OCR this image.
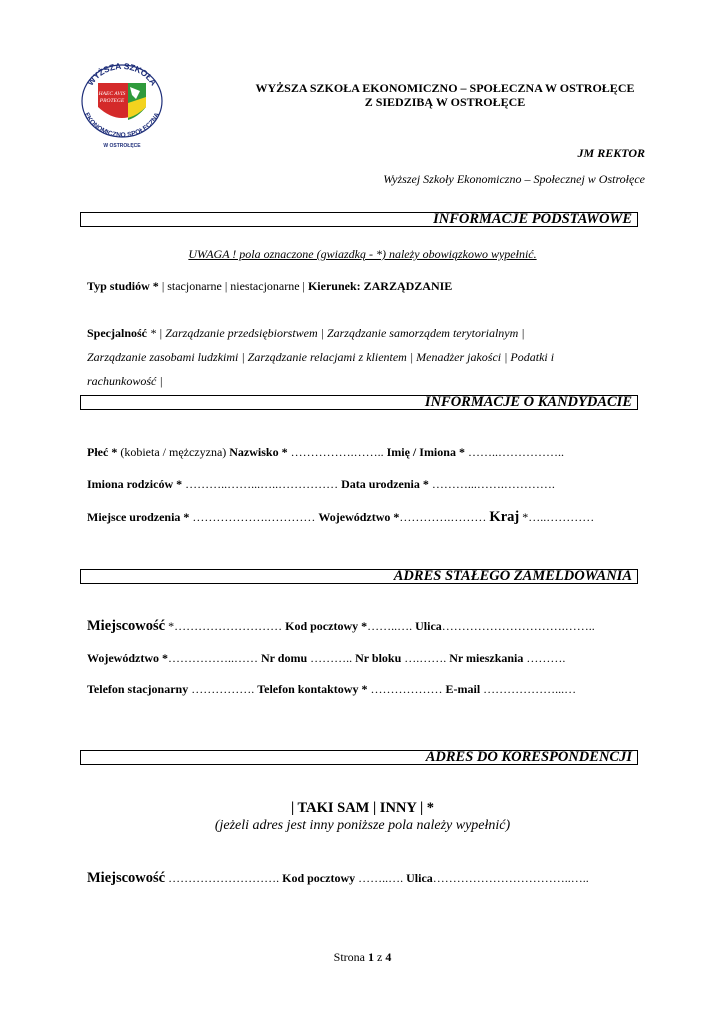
WYŻSZA SZKOŁA
EKONOMICZNO SPOŁECZNA
HAEC AVIS
PROTEGE
W OSTROŁĘCE
WYŻSZA SZKOŁA EKONOMICZNO – SPOŁECZNA W OSTROŁĘCE
Z SIEDZIBĄ W OSTROŁĘCE
JM REKTOR
Wyższej Szkoły Ekonomiczno – Społecznej w Ostrołęce
INFORMACJE PODSTAWOWE
UWAGA ! pola oznaczone (gwiazdką - *) należy obowiązkowo wypełnić.
Typ studiów * | stacjonarne | niestacjonarne | Kierunek: ZARZĄDZANIE
Specjalność * | Zarządzanie przedsiębiorstwem | Zarządzanie samorządem terytorialnym |
Zarządzanie zasobami ludzkimi | Zarządzanie relacjami z klientem | Menadżer jakości | Podatki i
rachunkowość |
INFORMACJE O KANDYDACIE
Płeć * (kobieta / mężczyzna) Nazwisko * …………….…….. Imię / Imiona * ……..……………..
Imiona rodziców * ………..……...…..…………… Data urodzenia * ………...…….………….
Miejsce urodzenia * ……………….………… Województwo *………….……… Kraj *…..…………
ADRES STAŁEGO ZAMELDOWANIA
Miejscowość *……………………… Kod pocztowy *……..…. Ulica………………………….……..
Województwo *……………..…… Nr domu ……….. Nr bloku ….……. Nr mieszkania ……….
Telefon stacjonarny ……………. Telefon kontaktowy * ……………… E-mail ………………...…
ADRES DO KORESPONDENCJI
| TAKI SAM | INNY | *
(jeżeli adres jest inny poniższe pola należy wypełnić)
Miejscowość ………………………. Kod pocztowy ……..…. Ulica……………………………..…..
Strona 1 z 4
